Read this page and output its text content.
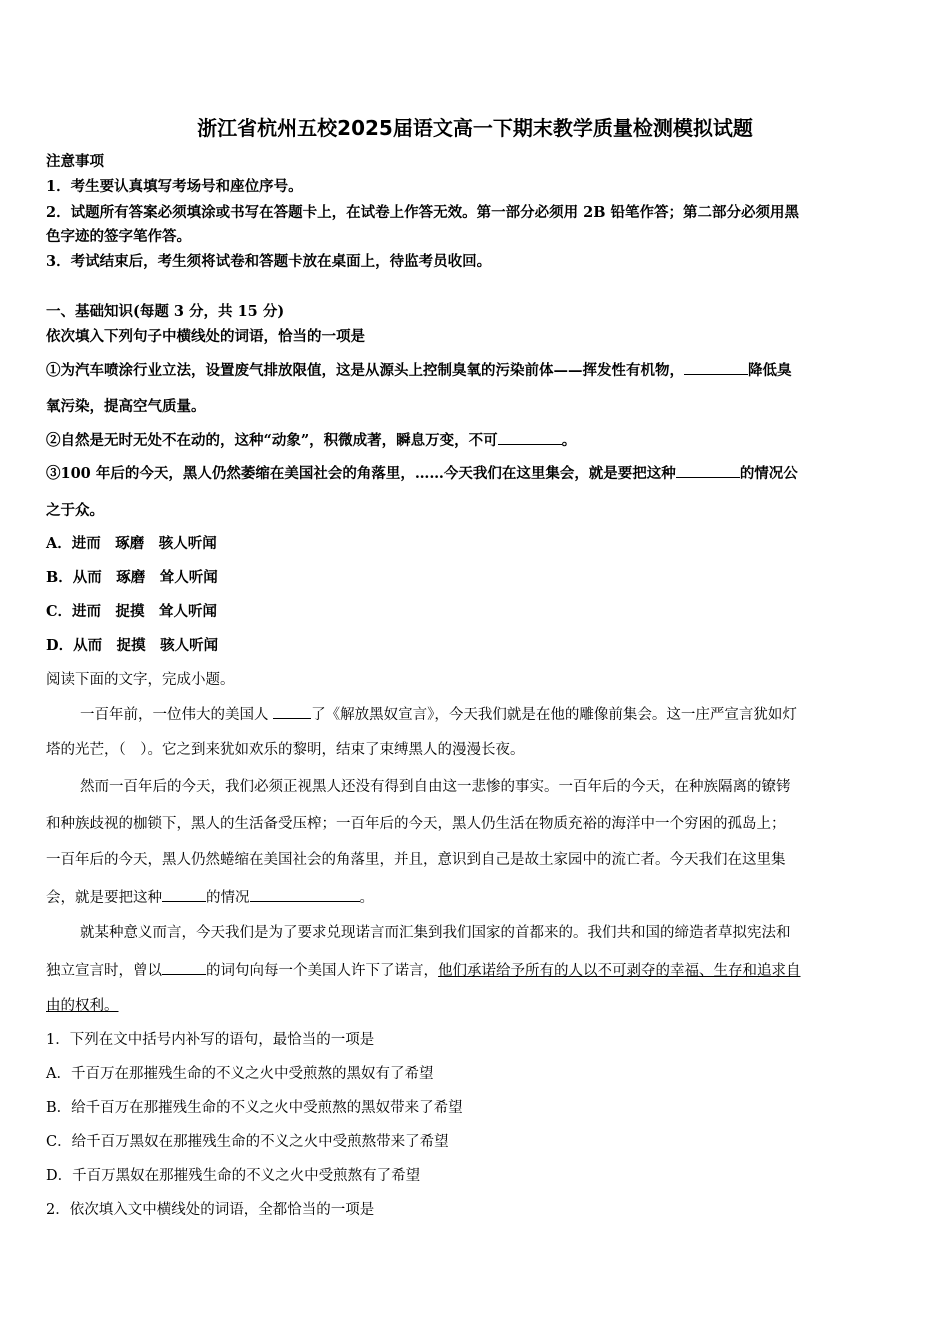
浙江省杭州五校2025届语文高一下期末教学质量检测模拟试题
注意事项
1．考生要认真填写考场号和座位序号。
2．试题所有答案必须填涂或书写在答题卡上，在试卷上作答无效。第一部分必须用 2B 铅笔作答；第二部分必须用黑
色字迹的签字笔作答。
3．考试结束后，考生须将试卷和答题卡放在桌面上，待监考员收回。
一、基础知识(每题 3 分，共 15 分)
依次填入下列句子中横线处的词语，恰当的一项是
①为汽车喷涂行业立法，设置废气排放限值，这是从源头上控制臭氧的污染前体——挥发性有机物，	降低臭
氧污染，提高空气质量。
②自然是无时无处不在动的，这种“动象”，积微成著，瞬息万变，不可	。
③100 年后的今天，黑人仍然萎缩在美国社会的角落里，……今天我们在这里集会，就是要把这种	的情况公
之于众。
A．进而　琢磨　骇人听闻
B．从而　琢磨　耸人听闻
C．进而　捉摸　耸人听闻
D．从而　捉摸　骇人听闻
阅读下面的文字，完成小题。
一百年前，一位伟大的美国人	了《解放黑奴宣言》，今天我们就是在他的雕像前集会。这一庄严宣言犹如灯
塔的光芒，（　）。它之到来犹如欢乐的黎明，结束了束缚黑人的漫漫长夜。
然而一百年后的今天，我们必须正视黑人还没有得到自由这一悲惨的事实。一百年后的今天，在种族隔离的镣铐
和种族歧视的枷锁下，黑人的生活备受压榨；一百年后的今天，黑人仍生活在物质充裕的海洋中一个穷困的孤岛上；
一百年后的今天，黑人仍然蜷缩在美国社会的角落里，并且，意识到自己是故土家园中的流亡者。今天我们在这里集
会，就是要把这种	的情况	。
就某种意义而言，今天我们是为了要求兑现诺言而汇集到我们国家的首都来的。我们共和国的缔造者草拟宪法和
独立宣言时，曾以	的词句向每一个美国人许下了诺言，他们承诺给予所有的人以不可剥夺的幸福、生存和追求自
由的权利。
1．下列在文中括号内补写的语句，最恰当的一项是
A．千百万在那摧残生命的不义之火中受煎熬的黑奴有了希望
B．给千百万在那摧残生命的不义之火中受煎熬的黑奴带来了希望
C．给千百万黑奴在那摧残生命的不义之火中受煎熬带来了希望
D．千百万黑奴在那摧残生命的不义之火中受煎熬有了希望
2．依次填入文中横线处的词语，全都恰当的一项是
